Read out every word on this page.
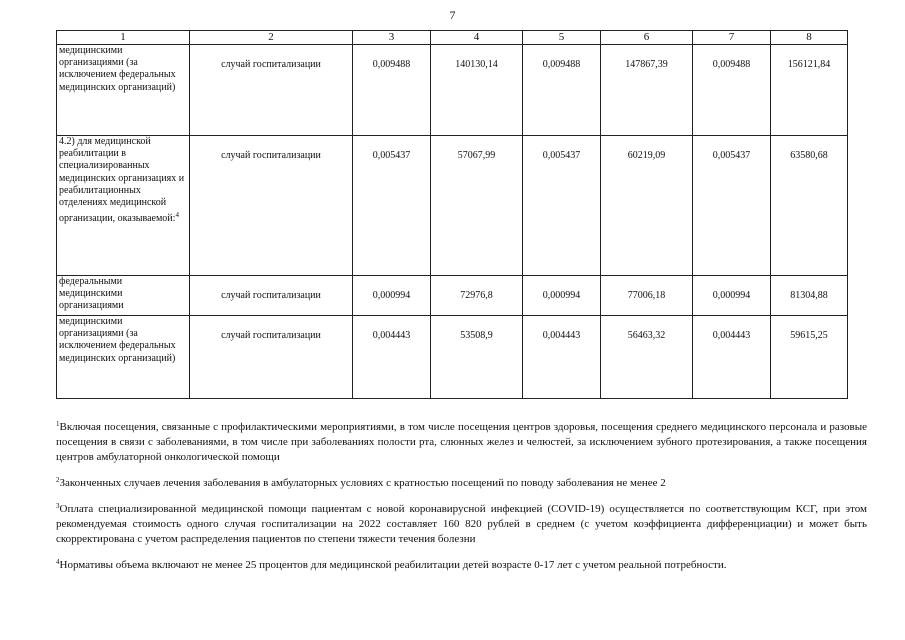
7
1	2	3	4	5	6	7	8
медицинскими организациями (за исключением федеральных медицинских организаций)	случай госпитализации	0,009488	140130,14	0,009488	147867,39	0,009488	156121,84
4.2) для медицинской реабилитации в специализированных медицинских организациях и реабилитационных отделениях медицинской организации, оказываемой:$^4$	случай госпитализации	0,005437	57067,99	0,005437	60219,09	0,005437	63580,68
федеральными медицинскими организациями	случай госпитализации	0,000994	72976,8	0,000994	77006,18	0,000994	81304,88
медицинскими организациями (за исключением федеральных медицинских организаций)	случай госпитализации	0,004443	53508,9	0,004443	56463,32	0,004443	59615,25

$^1$Включая посещения, связанные с профилактическими мероприятиями, в том числе посещения центров здоровья, посещения среднего медицинского персонала и разовые посещения в связи с заболеваниями, в том числе при заболеваниях полости рта, слюнных желез и челюстей, за исключением зубного протезирования, а также посещения центров амбулаторной онкологической помощи

$^2$Законченных случаев лечения заболевания в амбулаторных условиях с кратностью посещений по поводу заболевания не менее 2

$^3$Оплата специализированной медицинской помощи пациентам с новой коронавирусной инфекцией (COVID-19) осуществляется по соответствующим КСГ, при этом рекомендуемая стоимость одного случая госпитализации на 2022 составляет 160 820 рублей в среднем (с учетом коэффициента дифференциации) и может быть скорректирована с учетом распределения пациентов по степени тяжести течения болезни

$^4$Нормативы объема включают не менее 25 процентов для медицинской реабилитации детей возрасте 0-17 лет с учетом реальной потребности.
